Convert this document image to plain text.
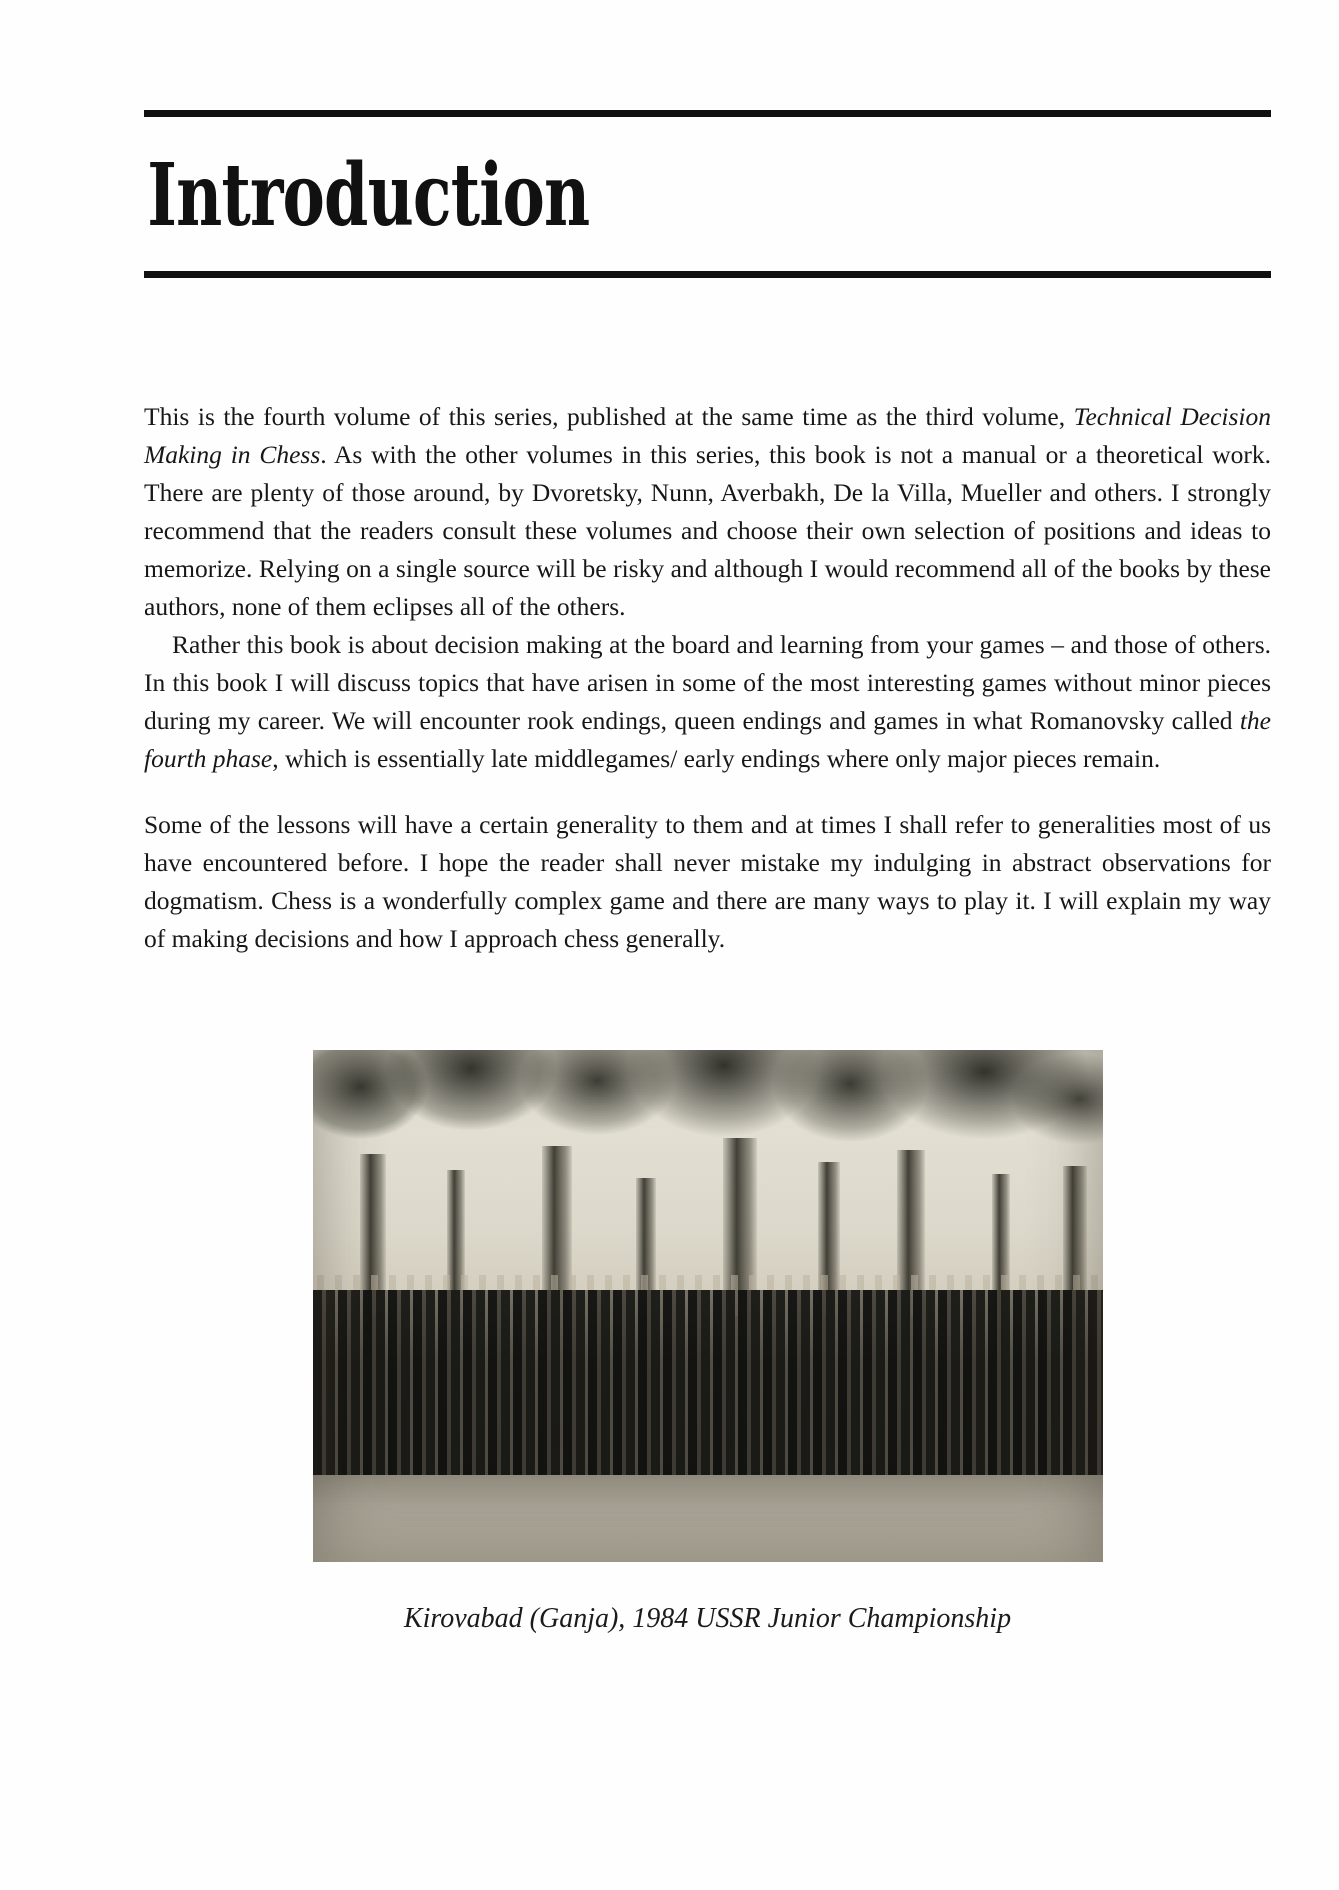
Introduction

This is the fourth volume of this series, published at the same time as the third volume, Technical Decision Making in Chess. As with the other volumes in this series, this book is not a manual or a theoretical work. There are plenty of those around, by Dvoretsky, Nunn, Averbakh, De la Villa, Mueller and others. I strongly recommend that the readers consult these volumes and choose their own selection of positions and ideas to memorize. Relying on a single source will be risky and although I would recommend all of the books by these authors, none of them eclipses all of the others.

Rather this book is about decision making at the board and learning from your games – and those of others. In this book I will discuss topics that have arisen in some of the most interesting games without minor pieces during my career. We will encounter rook endings, queen endings and games in what Romanovsky called the fourth phase, which is essentially late middlegames/ early endings where only major pieces remain.

Some of the lessons will have a certain generality to them and at times I shall refer to generalities most of us have encountered before. I hope the reader shall never mistake my indulging in abstract observations for dogmatism. Chess is a wonderfully complex game and there are many ways to play it. I will explain my way of making decisions and how I approach chess generally.

Kirovabad (Ganja), 1984 USSR Junior Championship
